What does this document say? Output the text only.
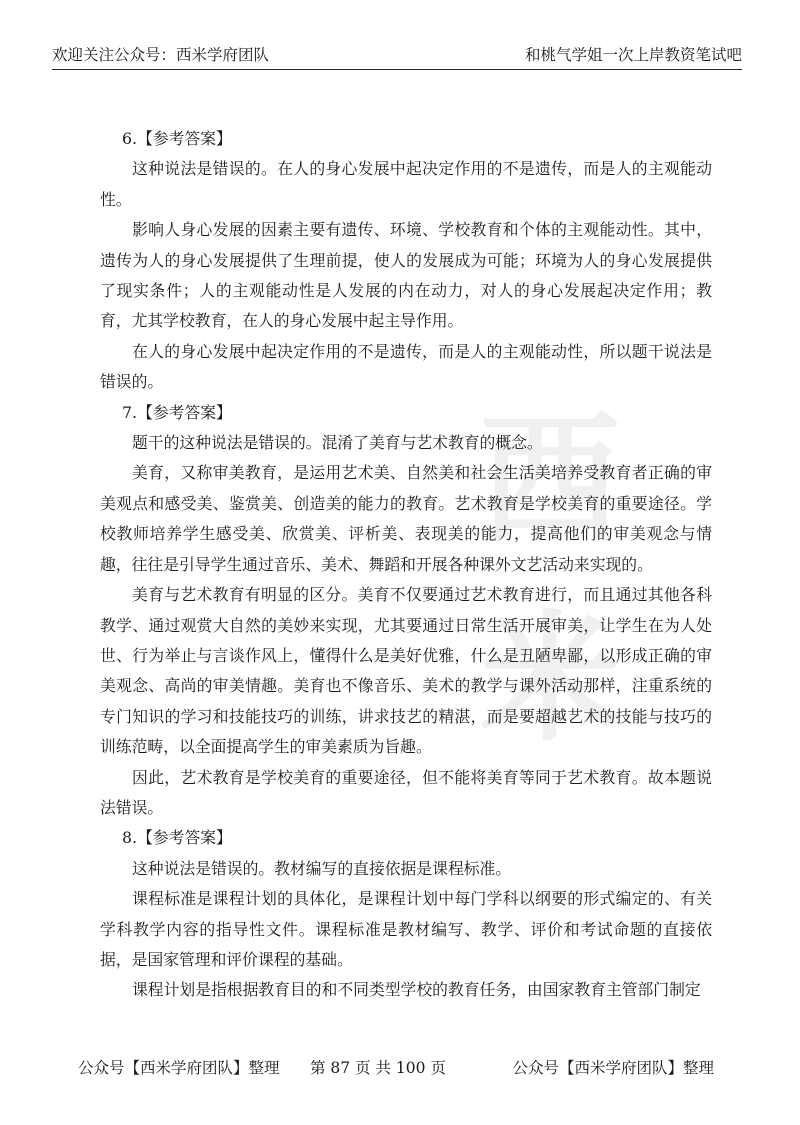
欢迎关注公众号：西米学府团队	和桃气学姐一次上岸教资笔试吧
西
米

6.【参考答案】

这种说法是错误的。在人的身心发展中起决定作用的不是遗传，而是人的主观能动性。

影响人身心发展的因素主要有遗传、环境、学校教育和个体的主观能动性。其中，遗传为人的身心发展提供了生理前提，使人的发展成为可能；环境为人的身心发展提供了现实条件；人的主观能动性是人发展的内在动力，对人的身心发展起决定作用；教育，尤其学校教育，在人的身心发展中起主导作用。

在人的身心发展中起决定作用的不是遗传，而是人的主观能动性，所以题干说法是错误的。

7.【参考答案】

题干的这种说法是错误的。混淆了美育与艺术教育的概念。

美育，又称审美教育，是运用艺术美、自然美和社会生活美培养受教育者正确的审美观点和感受美、鉴赏美、创造美的能力的教育。艺术教育是学校美育的重要途径。学校教师培养学生感受美、欣赏美、评析美、表现美的能力，提高他们的审美观念与情趣，往往是引导学生通过音乐、美术、舞蹈和开展各种课外文艺活动来实现的。

美育与艺术教育有明显的区分。美育不仅要通过艺术教育进行，而且通过其他各科教学、通过观赏大自然的美妙来实现，尤其要通过日常生活开展审美，让学生在为人处世、行为举止与言谈作风上，懂得什么是美好优雅，什么是丑陋卑鄙，以形成正确的审美观念、高尚的审美情趣。美育也不像音乐、美术的教学与课外活动那样，注重系统的专门知识的学习和技能技巧的训练，讲求技艺的精湛，而是要超越艺术的技能与技巧的训练范畴，以全面提高学生的审美素质为旨趣。

因此，艺术教育是学校美育的重要途径，但不能将美育等同于艺术教育。故本题说法错误。

8.【参考答案】

这种说法是错误的。教材编写的直接依据是课程标准。

课程标准是课程计划的具体化，是课程计划中每门学科以纲要的形式编定的、有关学科教学内容的指导性文件。课程标准是教材编写、教学、评价和考试命题的直接依据，是国家管理和评价课程的基础。

课程计划是指根据教育目的和不同类型学校的教育任务，由国家教育主管部门制定

公众号【西米学府团队】整理 第 87 页 共 100 页	公众号【西米学府团队】整理
